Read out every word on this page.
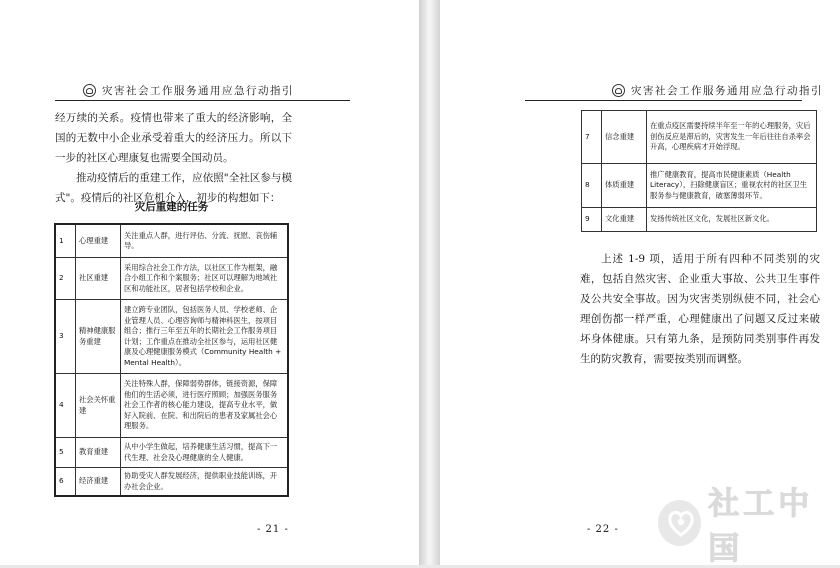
灾害社会工作服务通用应急行动指引

经万续的关系。疫情也带来了重大的经济影响，全国的无数中小企业承受着重大的经济压力。所以下一步的社区心理康复也需要全国动员。

推动疫情后的重建工作，应依照"全社区参与模式"。疫情后的社区危机介入，初步的构想如下：

灾后重建的任务
1	心理重建	关注重点人群，进行评估、分流、抚慰、哀伤辅导。
2	社区重建	采用综合社会工作方法，以社区工作为框架，融合小组工作和个案服务；社区可以理解为地域社区和功能社区，居者包括学校和企业。
3	精神健康服务重建	建立跨专业团队，包括医务人员、学校老师、企业管理人员、心理咨询师与精神科医生，按项目组合；推行三年至五年的长期社会工作服务项目计划；工作重点在推动全社区参与，运用社区健康及心理健康服务模式（Community Health + Mental Health）。
4	社会关怀重建	关注特殊人群，保障弱势群体，链接资源，保障他们的生活必须，进行医疗照顾；加强医务服务社会工作者的核心能力建设，提高专业水平，做好入院前、在院、和出院后的患者及家属社会心理服务。
5	教育重建	从中小学生做起，培养健康生活习惯，提高下一代生理、社会及心理健康的全人健康。
6	经济重建	协助受灾人群发展经济，提供职业技能训练，开办社会企业。
- 21 -
灾害社会工作服务通用应急行动指引
7	信念重建	在重点疫区需要持续半年至一年的心理服务，灾后创伤反应是滞后的，灾害发生一年后往往自杀率会升高，心理疾病才开始浮现。
8	体质重建	推广健康教育，提高市民健康素质（Health Literacy），扫除健康盲区；重视农村的社区卫生服务参与健康教育，破塞薄弱环节。
9	文化重建	发扬传统社区文化，发展社区新文化。
上述 1-9 项，适用于所有四种不同类别的灾难，包括自然灾害、企业重大事故、公共卫生事件及公共安全事故。因为灾害类别纵使不同，社会心理创伤都一样严重，心理健康出了问题又反过来破坏身体健康。只有第九条，是预防同类别事件再发生的防灾教育，需要按类别而调整。
- 22 -
社工中国
